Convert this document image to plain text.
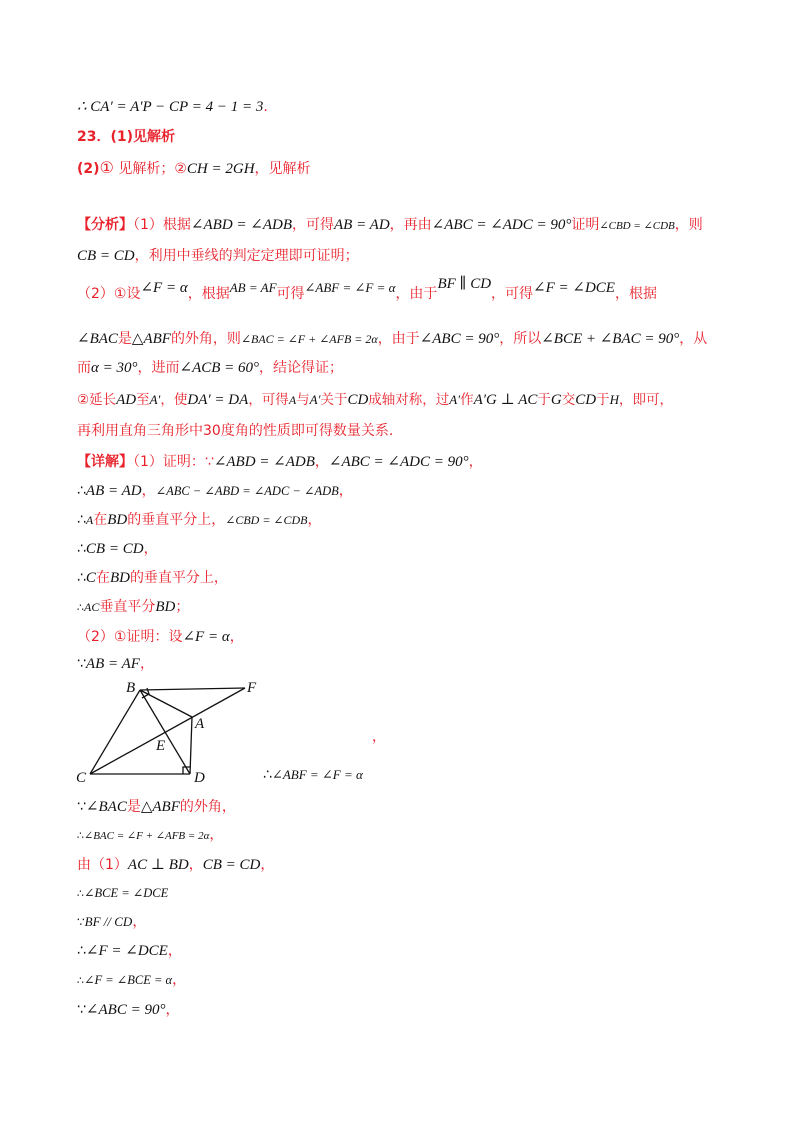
∴ CA′ = A′P − CP = 4 − 1 = 3.
23．(1)见解析
(2)① 见解析；②CH = 2GH，见解析
【分析】（1）根据∠ABD = ∠ADB，可得AB = AD，再由∠ABC = ∠ADC = 90°证明∠CBD = ∠CDB，则
CB = CD，利用中垂线的判定定理即可证明；
（2）①设∠F = α，根据AB = AF可得∠ABF = ∠F = α，由于BF ∥ CD，可得∠F = ∠DCE，根据
∠BAC是△ABF的外角，则∠BAC = ∠F + ∠AFB = 2α，由于∠ABC = 90°，所以∠BCE + ∠BAC = 90°，从
而α = 30°，进而∠ACB = 60°，结论得证；
②延长AD至A′，使DA′ = DA，可得A与A′关于CD成轴对称，过A′作A′G ⊥ AC于G交CD于H，即可，
再利用直角三角形中30度角的性质即可得数量关系.
【详解】（1）证明：∵∠ABD = ∠ADB，∠ABC = ∠ADC = 90°，
∴AB = AD，∠ABC − ∠ABD = ∠ADC − ∠ADB，
∴A在BD的垂直平分上，∠CBD = ∠CDB，
∴CB = CD，
∴C在BD的垂直平分上，
∴AC垂直平分BD；
（2）①证明：设∠F = α，
∵AB = AF，
B	F
A
E
C	D
，
∴∠ABF = ∠F = α
∵∠BAC是△ABF的外角，
∴∠BAC = ∠F + ∠AFB = 2α，
由（1）AC ⊥ BD，CB = CD，
∴∠BCE = ∠DCE
∵BF // CD，
∴∠F = ∠DCE，
∴∠F = ∠BCE = α，
∵∠ABC = 90°，
